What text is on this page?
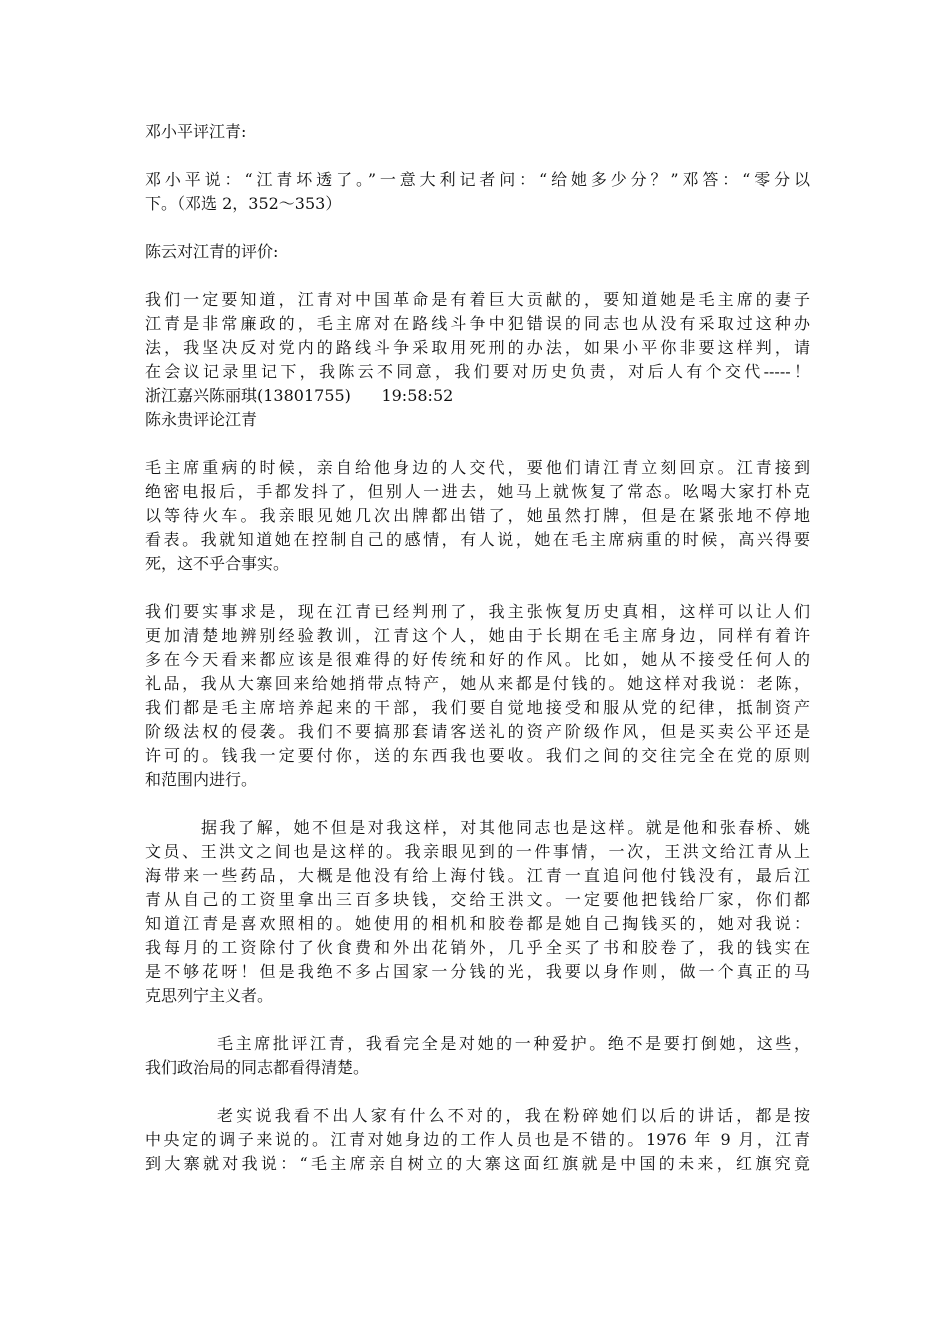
邓小平评江青:
邓小平说：“江青坏透了。”一意大利记者问：“给她多少分？”邓答：“零分以
下。（邓选 2，352～353）
陈云对江青的评价:
我们一定要知道，江青对中国革命是有着巨大贡献的，要知道她是毛主席的妻子
江青是非常廉政的，毛主席对在路线斗争中犯错误的同志也从没有采取过这种办
法，我坚决反对党内的路线斗争采取用死刑的办法，如果小平你非要这样判，请
在会议记录里记下，我陈云不同意，我们要对历史负责，对后人有个交代-----！
浙江嘉兴陈丽琪(13801755)      19:58:52
陈永贵评论江青
毛主席重病的时候，亲自给他身边的人交代，要他们请江青立刻回京。江青接到
绝密电报后，手都发抖了，但别人一进去，她马上就恢复了常态。吆喝大家打朴克
以等待火车。我亲眼见她几次出牌都出错了，她虽然打牌，但是在紧张地不停地
看表。我就知道她在控制自己的感情，有人说，她在毛主席病重的时候，高兴得要
死，这不乎合事实。
我们要实事求是，现在江青已经判刑了，我主张恢复历史真相，这样可以让人们
更加清楚地辨别经验教训，江青这个人，她由于长期在毛主席身边，同样有着许
多在今天看来都应该是很难得的好传统和好的作风。比如，她从不接受任何人的
礼品，我从大寨回来给她捎带点特产，她从来都是付钱的。她这样对我说：老陈，
我们都是毛主席培养起来的干部，我们要自觉地接受和服从党的纪律，抵制资产
阶级法权的侵袭。我们不要搞那套请客送礼的资产阶级作风，但是买卖公平还是
许可的。钱我一定要付你，送的东西我也要收。我们之间的交往完全在党的原则
和范围内进行。
据我了解，她不但是对我这样，对其他同志也是这样。就是他和张春桥、姚
文员、王洪文之间也是这样的。我亲眼见到的一件事情，一次，王洪文给江青从上
海带来一些药品，大概是他没有给上海付钱。江青一直追问他付钱没有，最后江
青从自己的工资里拿出三百多块钱，交给王洪文。一定要他把钱给厂家，你们都
知道江青是喜欢照相的。她使用的相机和胶卷都是她自己掏钱买的，她对我说：
我每月的工资除付了伙食费和外出花销外，几乎全买了书和胶卷了，我的钱实在
是不够花呀！但是我绝不多占国家一分钱的光，我要以身作则，做一个真正的马
克思列宁主义者。
毛主席批评江青，我看完全是对她的一种爱护。绝不是要打倒她，这些，
我们政治局的同志都看得清楚。
老实说我看不出人家有什么不对的，我在粉碎她们以后的讲话，都是按
中央定的调子来说的。江青对她身边的工作人员也是不错的。1976 年 9 月，江青
到大寨就对我说：“毛主席亲自树立的大寨这面红旗就是中国的未来，红旗究竟
